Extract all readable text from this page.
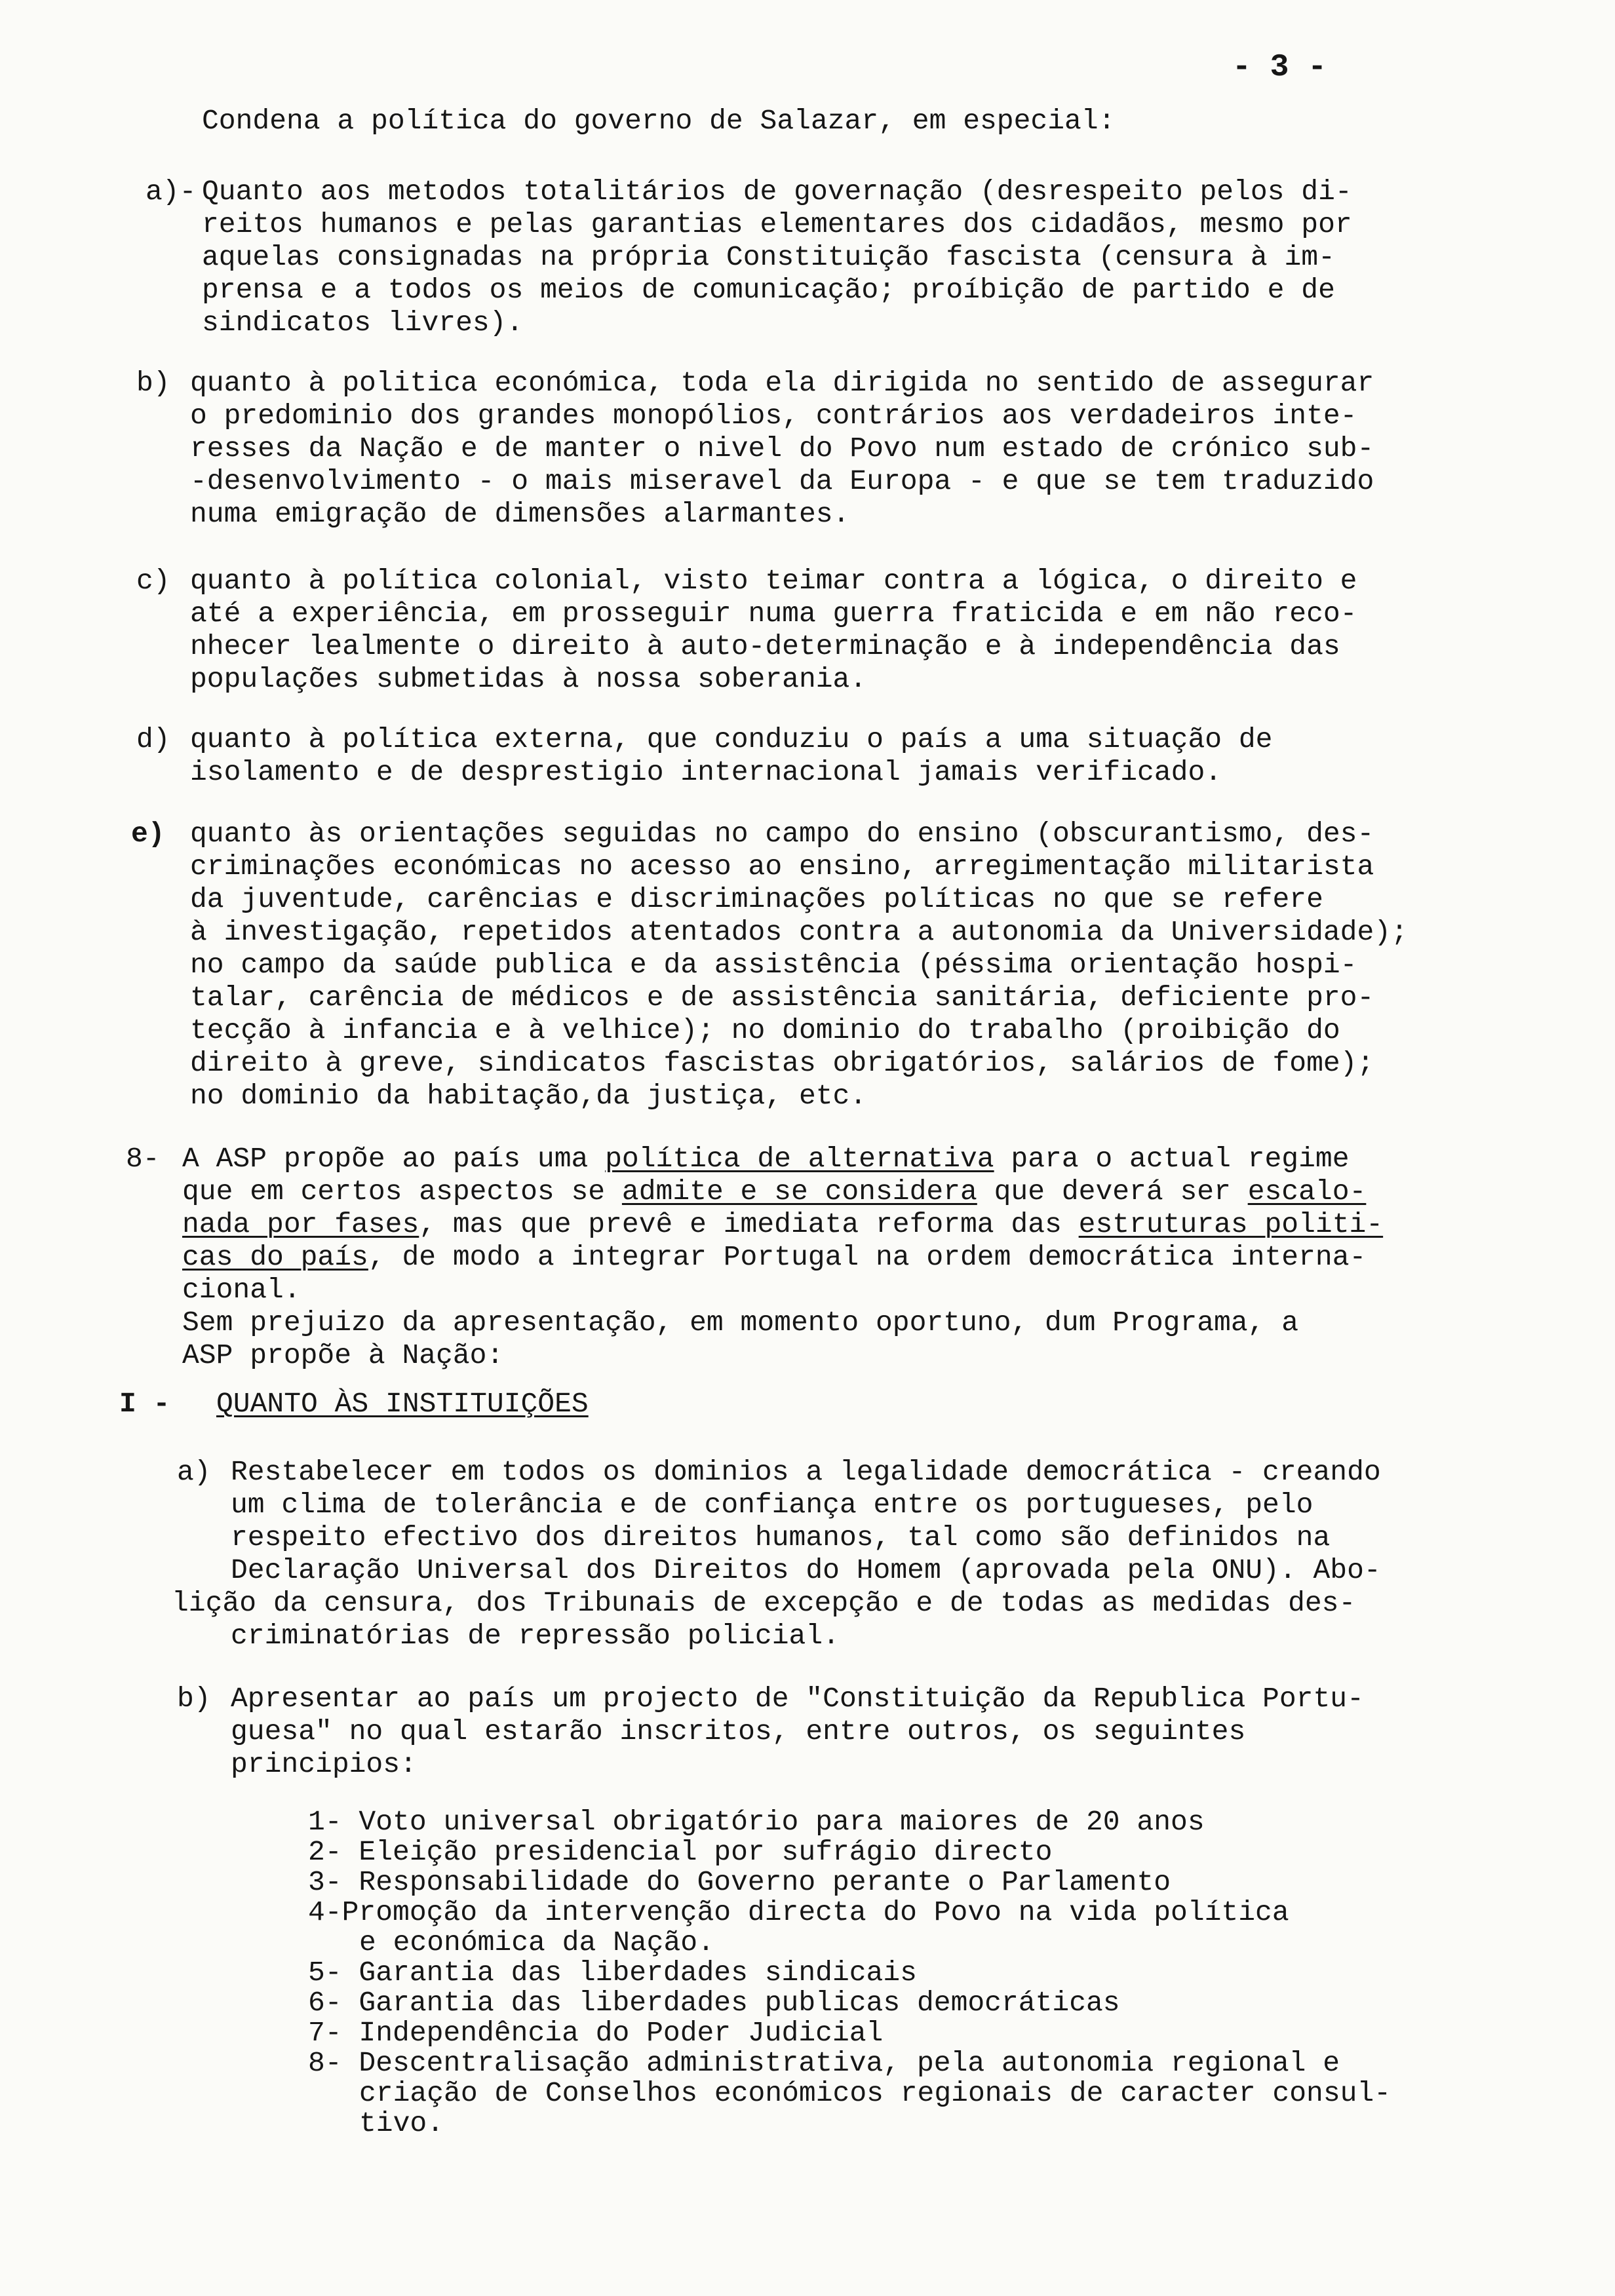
- 3 -
Condena a política do governo de Salazar, em especial:
a)- Quanto aos metodos totalitários de governação (desrespeito pelos di-
reitos humanos e pelas garantias elementares dos cidadãos, mesmo por
aquelas consignadas na própria Constituição fascista (censura à im-
prensa e a todos os meios de comunicação; proíbição de partido e de
sindicatos livres).
b) quanto à politica económica, toda ela dirigida no sentido de assegurar
o predominio dos grandes monopólios, contrários aos verdadeiros inte-
resses da Nação e de manter o nivel do Povo num estado de crónico sub-
-desenvolvimento - o mais miseravel da Europa - e que se tem traduzido
numa emigração de dimensões alarmantes.
c) quanto à política colonial, visto teimar contra a lógica, o direito e
até a experiência, em prosseguir numa guerra fraticida e em não reco-
nhecer lealmente o direito à auto-determinação e à independência das
populações submetidas à nossa soberania.
d) quanto à política externa, que conduziu o país a uma situação de
isolamento e de desprestigio internacional jamais verificado.
e) quanto às orientações seguidas no campo do ensino (obscurantismo, des-
criminações económicas no acesso ao ensino, arregimentação militarista
da juventude, carências e discriminações políticas no que se refere
à investigação, repetidos atentados contra a autonomia da Universidade);
no campo da saúde publica e da assistência (péssima orientação hospi-
talar, carência de médicos e de assistência sanitária, deficiente pro-
tecção à infancia e à velhice); no dominio do trabalho (proibição do
direito à greve, sindicatos fascistas obrigatórios, salários de fome);
no dominio da habitação,da justiça, etc.
8- A ASP propõe ao país uma política de alternativa para o actual regime
que em certos aspectos se admite e se considera que deverá ser escalo-
nada por fases, mas que prevê e imediata reforma das estruturas politi-
cas do país, de modo a integrar Portugal na ordem democrática interna-
cional.
Sem prejuizo da apresentação, em momento oportuno, dum Programa, a
ASP propõe à Nação:
I - QUANTO ÀS INSTITUIÇÕES
a) Restabelecer em todos os dominios a legalidade democrática - creando
um clima de tolerância e de confiança entre os portugueses, pelo
respeito efectivo dos direitos humanos, tal como são definidos na
Declaração Universal dos Direitos do Homem (aprovada pela ONU). Abo-
lição da censura, dos Tribunais de excepção e de todas as medidas des-
criminatórias de repressão policial.
b) Apresentar ao país um projecto de "Constituição da Republica Portu-
guesa" no qual estarão inscritos, entre outros, os seguintes
principios:
1- Voto universal obrigatório para maiores de 20 anos
2- Eleição presidencial por sufrágio directo
3- Responsabilidade do Governo perante o Parlamento
4-Promoção da intervenção directa do Povo na vida política
e económica da Nação.
5- Garantia das liberdades sindicais
6- Garantia das liberdades publicas democráticas
7- Independência do Poder Judicial
8- Descentralisação administrativa, pela autonomia regional e
criação de Conselhos económicos regionais de caracter consul-
tivo.
